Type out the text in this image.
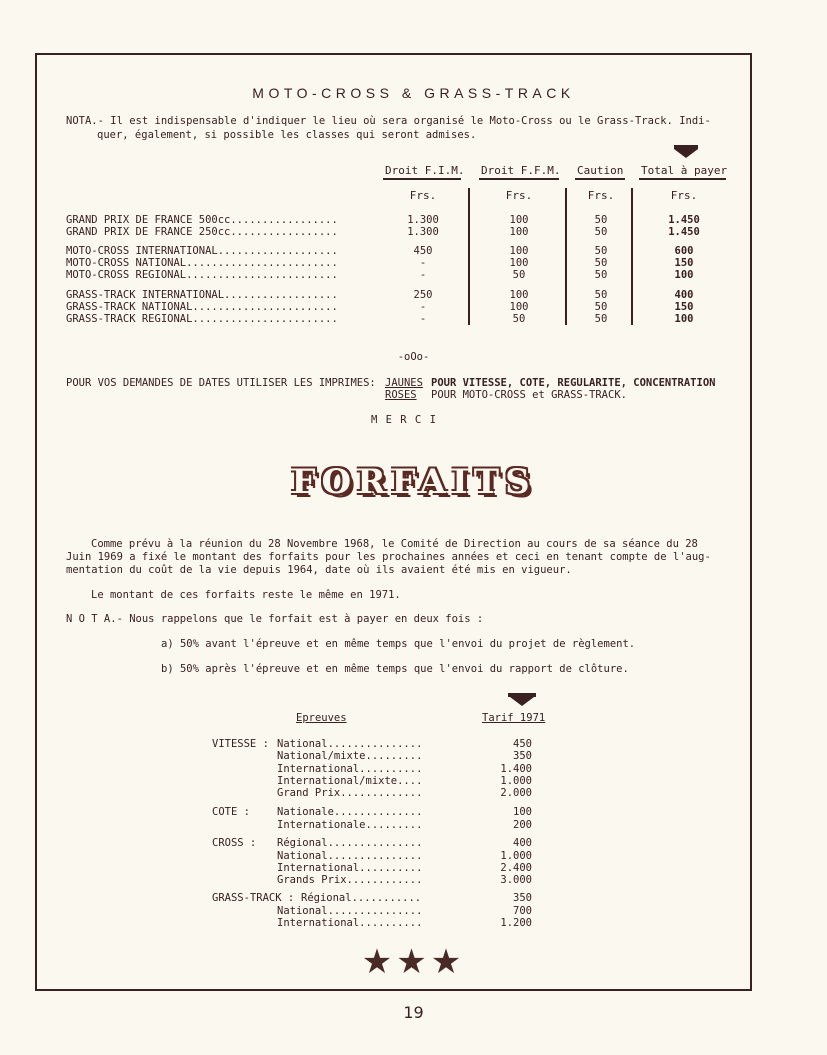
MOTO-CROSS & GRASS-TRACK
NOTA.- Il est indispensable d'indiquer le lieu où sera organisé le Moto-Cross ou le Grass-Track. Indi-
quer, également, si possible les classes qui seront admises.
Droit F.I.M. Droit F.F.M. Caution Total à payer
Frs.	Frs.	Frs.	Frs.
GRAND PRIX DE FRANCE 500cc.................	1.300	100	50	1.450
GRAND PRIX DE FRANCE 250cc.................	1.300	100	50	1.450
MOTO-CROSS INTERNATIONAL...................	450	100	50	600
MOTO-CROSS NATIONAL........................	-	100	50	150
MOTO-CROSS REGIONAL........................	-	50	50	100
GRASS-TRACK INTERNATIONAL..................	250	100	50	400
GRASS-TRACK NATIONAL.......................	-	100	50	150
GRASS-TRACK REGIONAL.......................	-	50	50	100
-oOo-
POUR VOS DEMANDES DE DATES UTILISER LES IMPRIMES: JAUNES POUR VITESSE, COTE, REGULARITE, CONCENTRATION
ROSES POUR MOTO-CROSS et GRASS-TRACK.
M E R C I
FORFAITS
Comme prévu à la réunion du 28 Novembre 1968, le Comité de Direction au cours de sa séance du 28
Juin 1969 a fixé le montant des forfaits pour les prochaines années et ceci en tenant compte de l'aug-
mentation du coût de la vie depuis 1964, date où ils avaient été mis en vigueur.
Le montant de ces forfaits reste le même en 1971.
N O T A.- Nous rappelons que le forfait est à payer en deux fois :
a) 50% avant l'épreuve et en même temps que l'envoi du projet de règlement.
b) 50% après l'épreuve et en même temps que l'envoi du rapport de clôture.
Epreuves	Tarif 1971
VITESSE : National...............	450
National/mixte.........	350
International..........	1.400
International/mixte....	1.000
Grand Prix.............	2.000
COTE :	Nationale..............	100
Internationale.........	200
CROSS : Régional...............	400
National...............	1.000
International..........	2.400
Grands Prix............	3.000
GRASS-TRACK : Régional...........	350
National...............	700
International..........	1.200
★★★
19
